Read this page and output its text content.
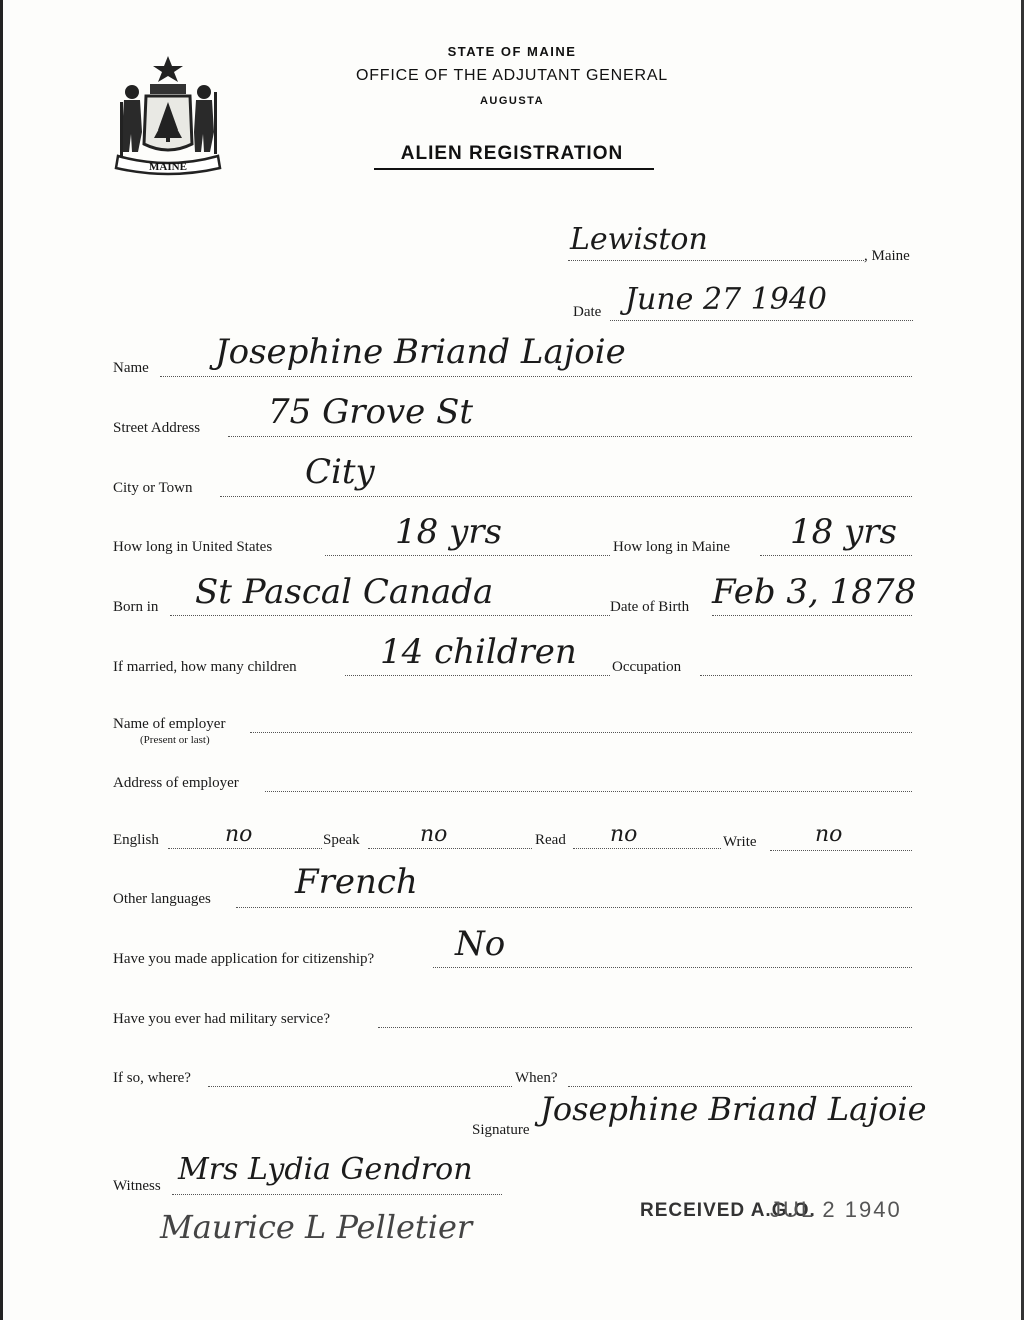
MAINE
STATE OF MAINE
OFFICE OF THE ADJUTANT GENERAL
AUGUSTA
ALIEN REGISTRATION
Lewiston	, Maine
Date June 27 1940
Name Josephine Briand Lajoie
Street Address 75 Grove St
City or Town	City
How long in United States	18 yrs	How long in Maine 18 yrs
Born in St Pascal Canada	Date of Birth Feb 3, 1878
If married, how many children 14 children Occupation
Name of employer
(Present or last)
Address of employer
English	no	Speak	no	Read no	Write	no
Other languages French
Have you made application for citizenship? No
Have you ever had military service?
If so, where?	When?
Signature
Josephine Briand Lajoie
Witness Mrs Lydia Gendron
Maurice L Pelletier	RECEIVED A.G.O.
JUL 2 1940
